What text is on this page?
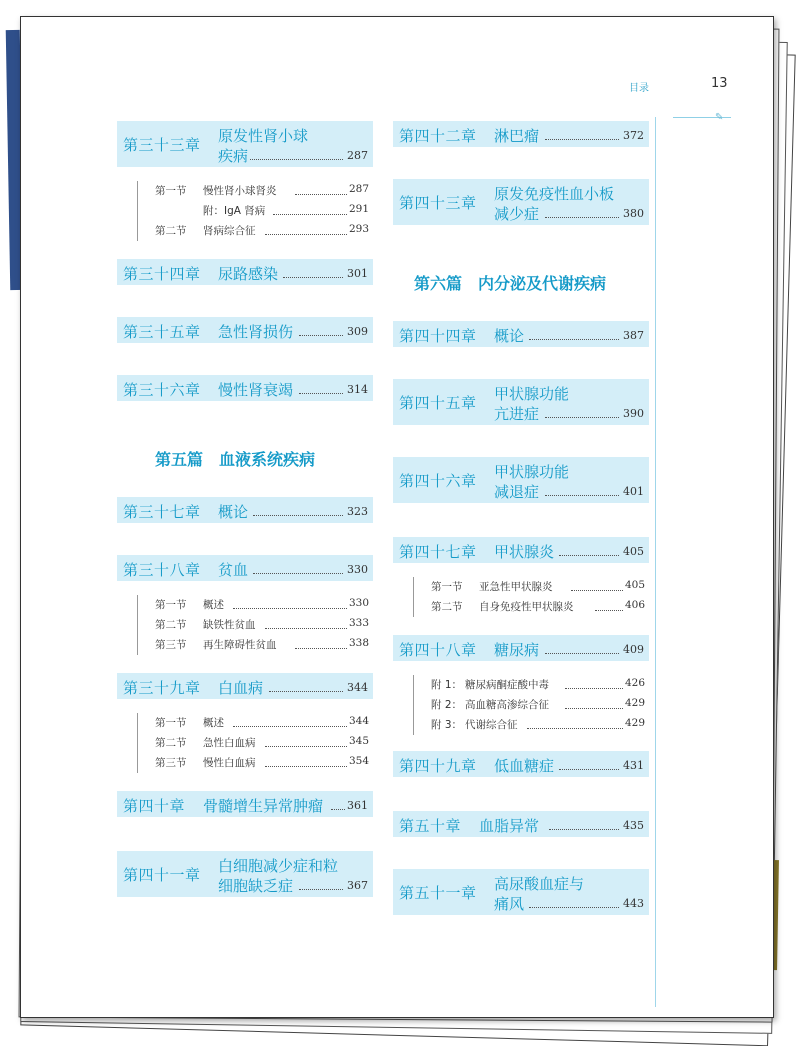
目录	13
✎
第三十三章 原发性肾小球
疾病	287
第一节 慢性肾小球肾炎	287
附：IgA 肾病	291
第二节 肾病综合征	293
第三十四章 尿路感染	301
第三十五章 急性肾损伤	309
第三十六章 慢性肾衰竭	314
第五篇　血液系统疾病
第三十七章 概论	323
第三十八章 贫血	330
第一节 概述	330
第二节 缺铁性贫血	333
第三节 再生障碍性贫血	338
第三十九章 白血病	344
第一节 概述	344
第二节 急性白血病	345
第三节 慢性白血病	354
第四十章 骨髓增生异常肿瘤 361
第四十一章 白细胞减少症和粒
细胞缺乏症	367
第四十二章 淋巴瘤	372
第四十三章 原发免疫性血小板
减少症	380
第六篇　内分泌及代谢疾病
第四十四章 概论	387
第四十五章 甲状腺功能
亢进症	390
第四十六章 甲状腺功能
减退症	401
第四十七章 甲状腺炎	405
第一节 亚急性甲状腺炎	405
第二节 自身免疫性甲状腺炎	406
第四十八章 糖尿病	409
附 1： 糖尿病酮症酸中毒	426
附 2： 高血糖高渗综合征	429
附 3： 代谢综合征	429
第四十九章 低血糖症	431
第五十章 血脂异常	435
第五十一章 高尿酸血症与
痛风	443
